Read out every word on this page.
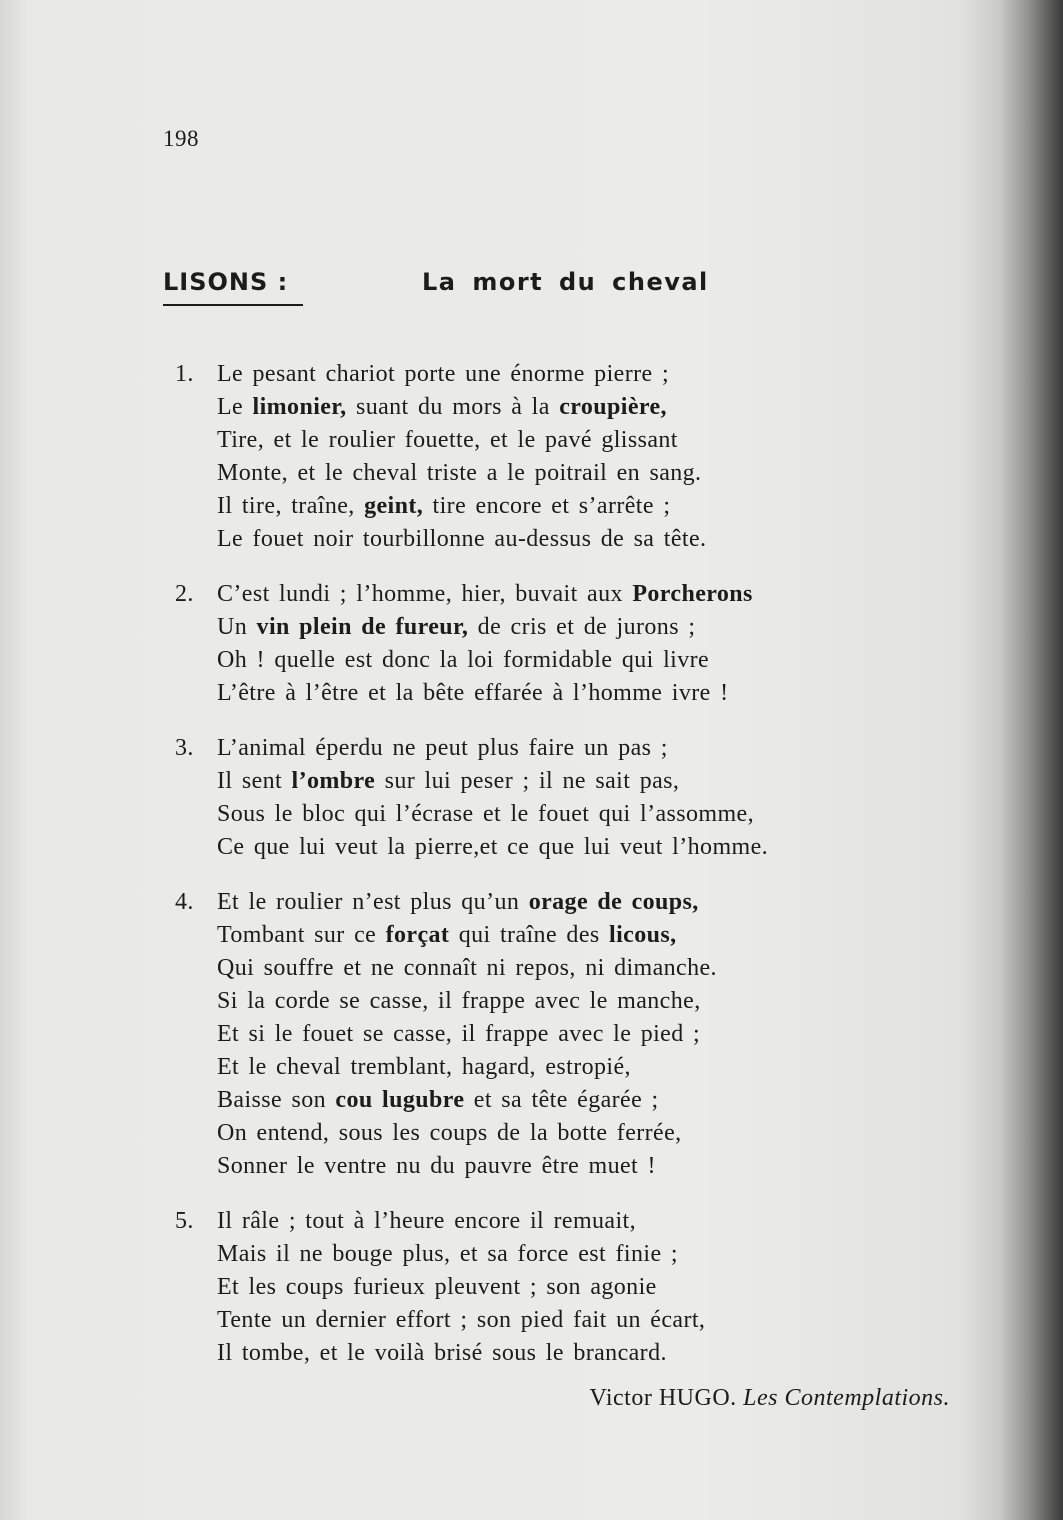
198
LISONS :	La mort du cheval
1. Le pesant chariot porte une énorme pierre ;
Le limonier, suant du mors à la croupière,
Tire, et le roulier fouette, et le pavé glissant
Monte, et le cheval triste a le poitrail en sang.
Il tire, traîne, geint, tire encore et s’arrête ;
Le fouet noir tourbillonne au-dessus de sa tête.
2. C’est lundi ; l’homme, hier, buvait aux Porcherons
Un vin plein de fureur, de cris et de jurons ;
Oh ! quelle est donc la loi formidable qui livre
L’être à l’être et la bête effarée à l’homme ivre !
3. L’animal éperdu ne peut plus faire un pas ;
Il sent l’ombre sur lui peser ; il ne sait pas,
Sous le bloc qui l’écrase et le fouet qui l’assomme,
Ce que lui veut la pierre,et ce que lui veut l’homme.
4. Et le roulier n’est plus qu’un orage de coups,
Tombant sur ce forçat qui traîne des licous,
Qui souffre et ne connaît ni repos, ni dimanche.
Si la corde se casse, il frappe avec le manche,
Et si le fouet se casse, il frappe avec le pied ;
Et le cheval tremblant, hagard, estropié,
Baisse son cou lugubre et sa tête égarée ;
On entend, sous les coups de la botte ferrée,
Sonner le ventre nu du pauvre être muet !
5. Il râle ; tout à l’heure encore il remuait,
Mais il ne bouge plus, et sa force est finie ;
Et les coups furieux pleuvent ; son agonie
Tente un dernier effort ; son pied fait un écart,
Il tombe, et le voilà brisé sous le brancard.
Victor HUGO. Les Contemplations.
